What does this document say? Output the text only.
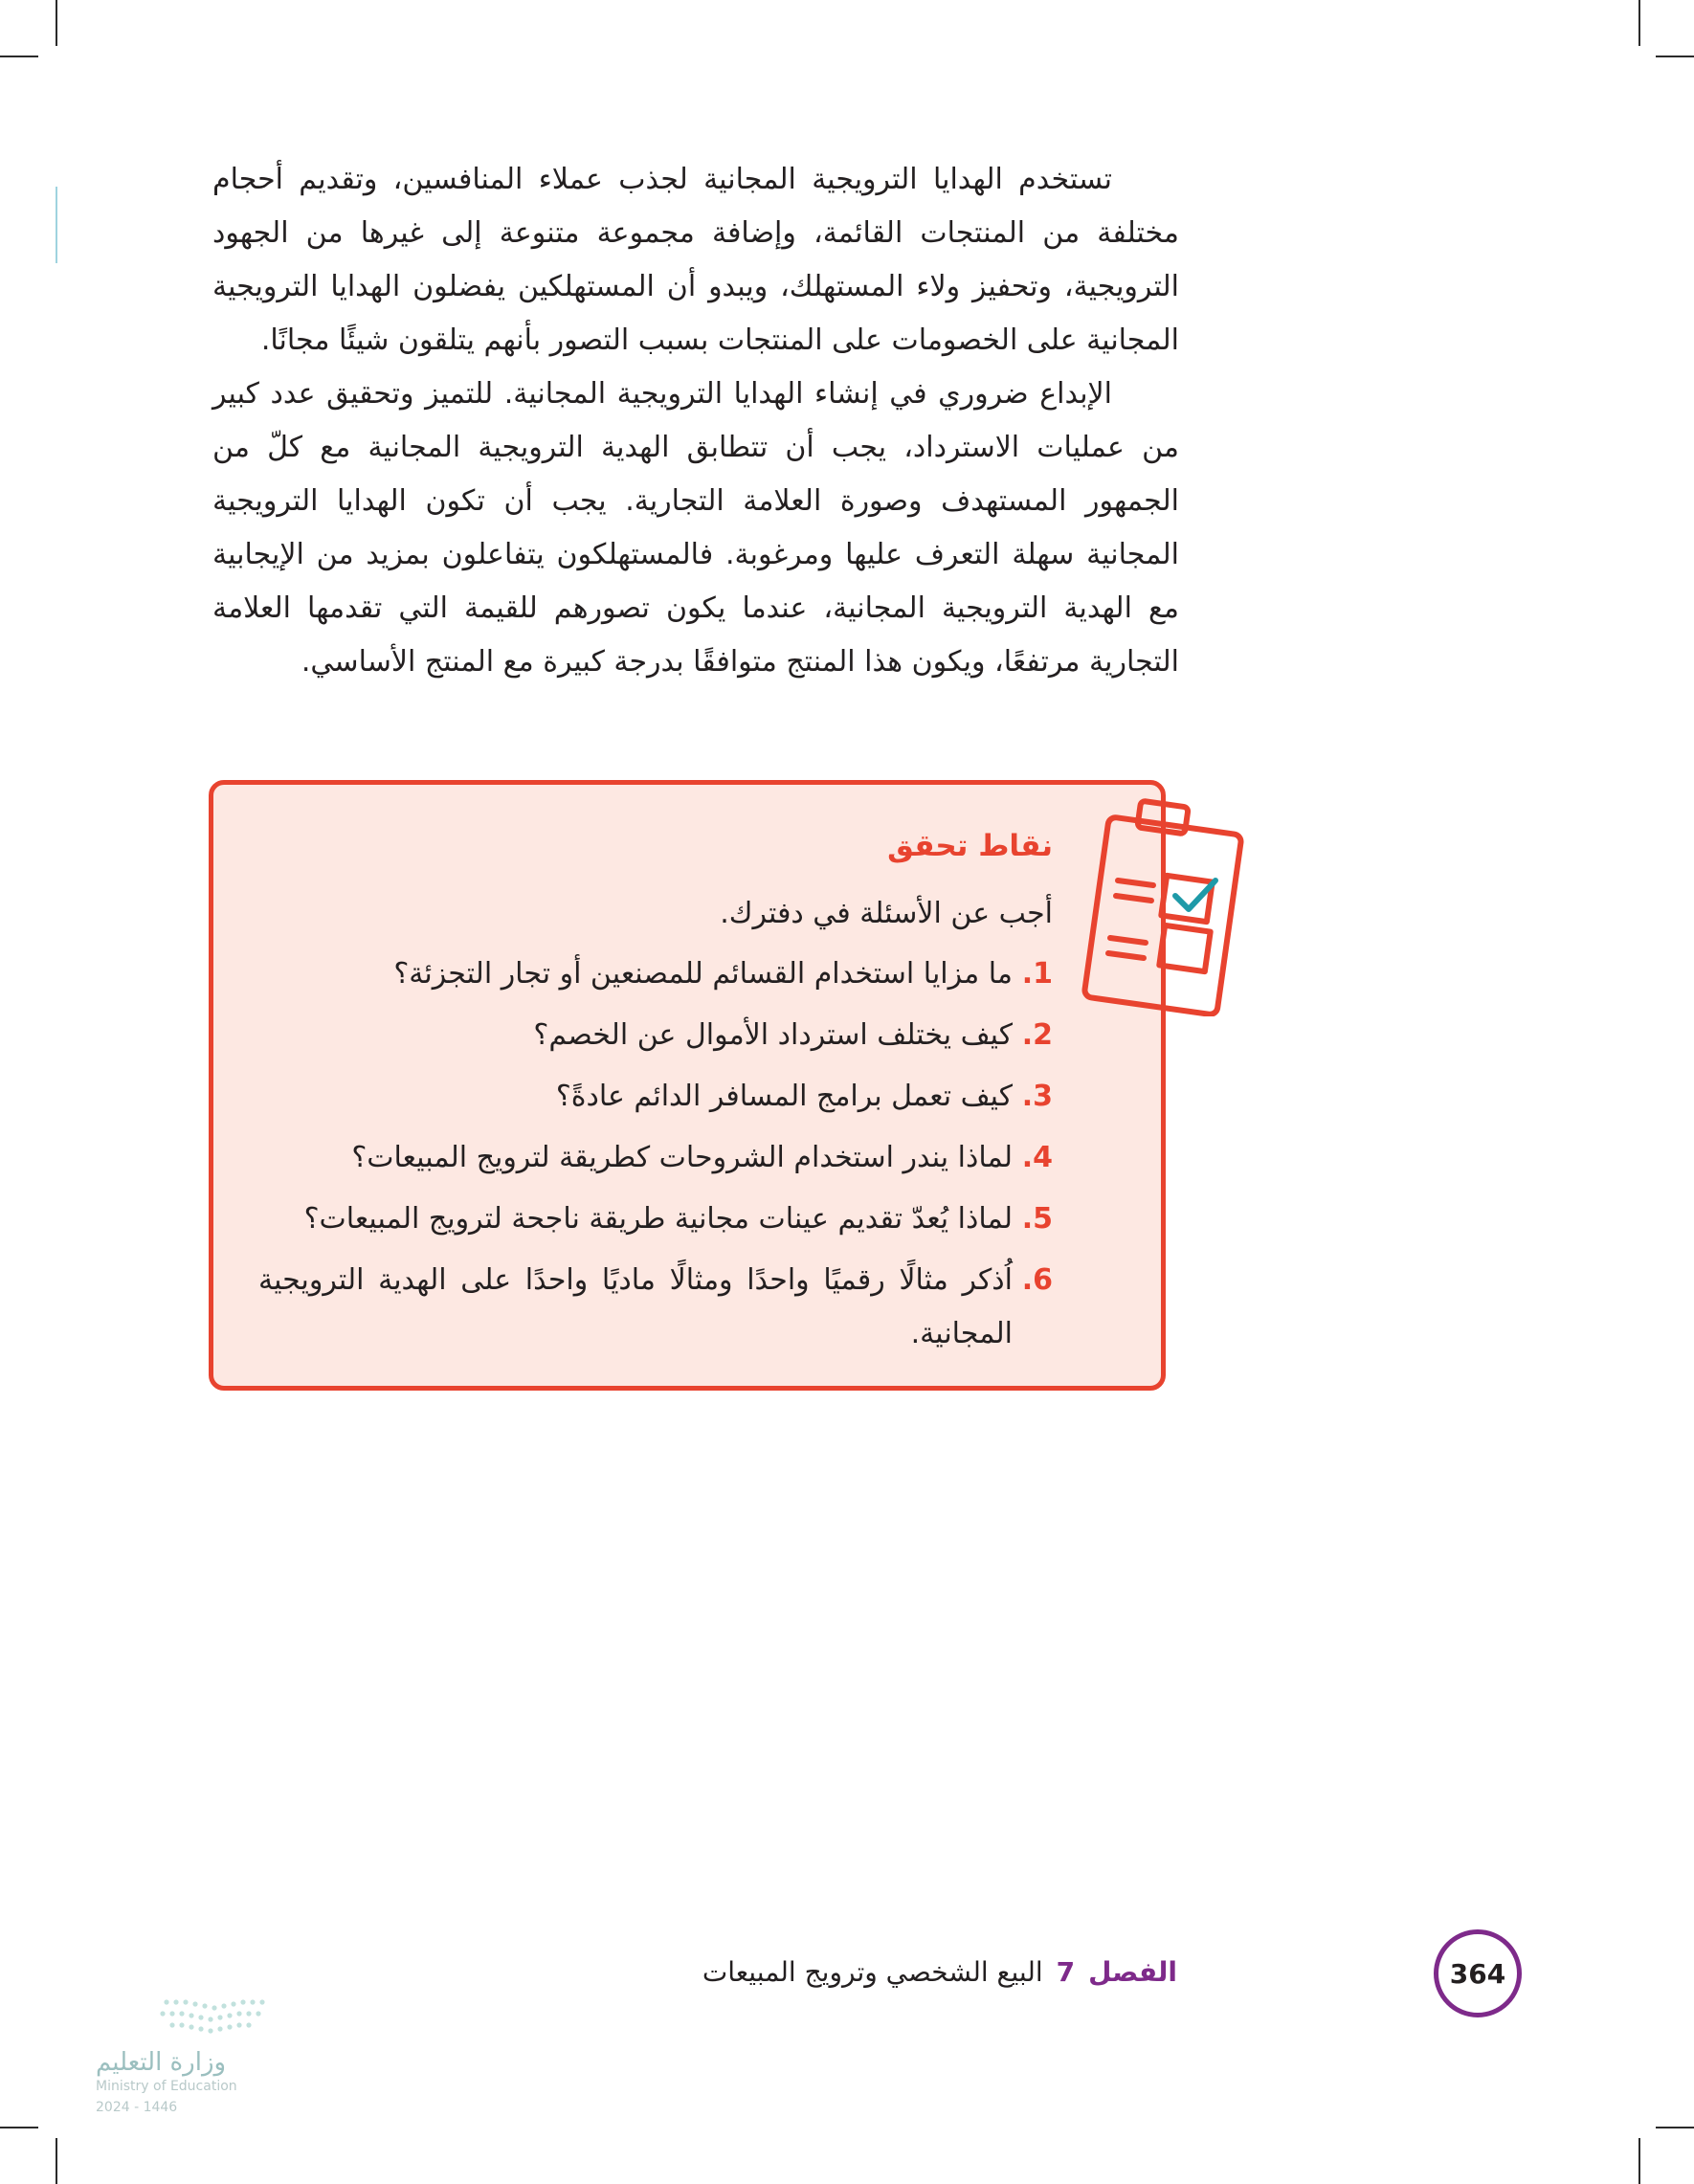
تستخدم الهدايا الترويجية المجانية لجذب عملاء المنافسين، وتقديم أحجام مختلفة من المنتجات القائمة، وإضافة مجموعة متنوعة إلى غيرها من الجهود الترويجية، وتحفيز ولاء المستهلك، ويبدو أن المستهلكين يفضلون الهدايا الترويجية المجانية على الخصومات على المنتجات بسبب التصور بأنهم يتلقون شيئًا مجانًا.

الإبداع ضروري في إنشاء الهدايا الترويجية المجانية. للتميز وتحقيق عدد كبير من عمليات الاسترداد، يجب أن تتطابق الهدية الترويجية المجانية مع كلّ من الجمهور المستهدف وصورة العلامة التجارية. يجب أن تكون الهدايا الترويجية المجانية سهلة التعرف عليها ومرغوبة. فالمستهلكون يتفاعلون بمزيد من الإيجابية مع الهدية الترويجية المجانية، عندما يكون تصورهم للقيمة التي تقدمها العلامة التجارية مرتفعًا، ويكون هذا المنتج متوافقًا بدرجة كبيرة مع المنتج الأساسي.

نقاط تحقق

أجب عن الأسئلة في دفترك.

1.
ما مزايا استخدام القسائم للمصنعين أو تجار التجزئة؟
2.
كيف يختلف استرداد الأموال عن الخصم؟
3.
كيف تعمل برامج المسافر الدائم عادةً؟
4.
لماذا يندر استخدام الشروحات كطريقة لترويج المبيعات؟
5.
لماذا يُعدّ تقديم عينات مجانية طريقة ناجحة لترويج المبيعات؟
6.
اُذكر مثالًا رقميًا واحدًا ومثالًا ماديًا واحدًا على الهدية الترويجية المجانية.
364
الفصل
7
البيع الشخصي وترويج المبيعات
وزارة التعليم
Ministry of Education
2024 - 1446
